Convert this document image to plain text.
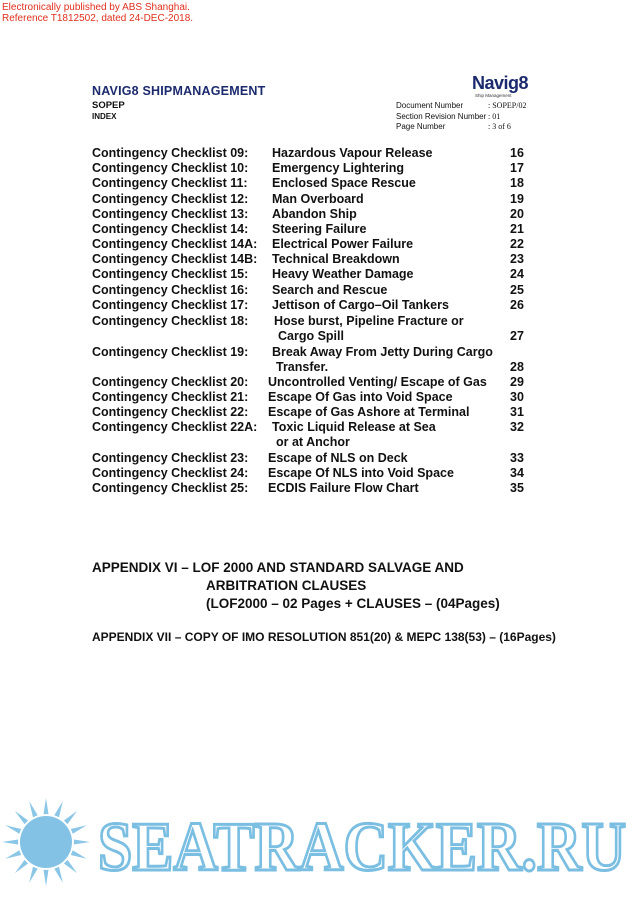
Electronically published by ABS Shanghai.
Reference T1812502, dated 24-DEC-2018.
NAVIG8 SHIPMANAGEMENT
SOPEP
INDEX
Navig8
Ship Management
Document Number	: SOPEP/02
Section Revision Number : 01
Page Number	: 3 of 6
Contingency Checklist 09: Hazardous Vapour Release	16
Contingency Checklist 10: Emergency Lightering	17
Contingency Checklist 11: Enclosed Space Rescue	18
Contingency Checklist 12: Man Overboard	19
Contingency Checklist 13: Abandon Ship	20
Contingency Checklist 14: Steering Failure	21
Contingency Checklist 14A: Electrical Power Failure	22
Contingency Checklist 14B: Technical Breakdown	23
Contingency Checklist 15: Heavy Weather Damage	24
Contingency Checklist 16: Search and Rescue	25
Contingency Checklist 17: Jettison of Cargo–Oil Tankers	26
Contingency Checklist 18: Hose burst, Pipeline Fracture or
Cargo Spill	27
Contingency Checklist 19: Break Away From Jetty During Cargo
Transfer.	28
Contingency Checklist 20: Uncontrolled Venting/ Escape of Gas 29
Contingency Checklist 21: Escape Of Gas into Void Space	30
Contingency Checklist 22: Escape of Gas Ashore at Terminal	31
Contingency Checklist 22A: Toxic Liquid Release at Sea
or at Anchor
32
Contingency Checklist 23: Escape of NLS on Deck	33
Contingency Checklist 24: Escape Of NLS into Void Space	34
Contingency Checklist 25: ECDIS Failure Flow Chart	35
APPENDIX VI – LOF 2000 AND STANDARD SALVAGE AND
ARBITRATION CLAUSES
(LOF2000 – 02 Pages + CLAUSES – (04Pages)
APPENDIX VII – COPY OF IMO RESOLUTION 851(20) & MEPC 138(53) – (16Pages)
SEATRACKER.RU
